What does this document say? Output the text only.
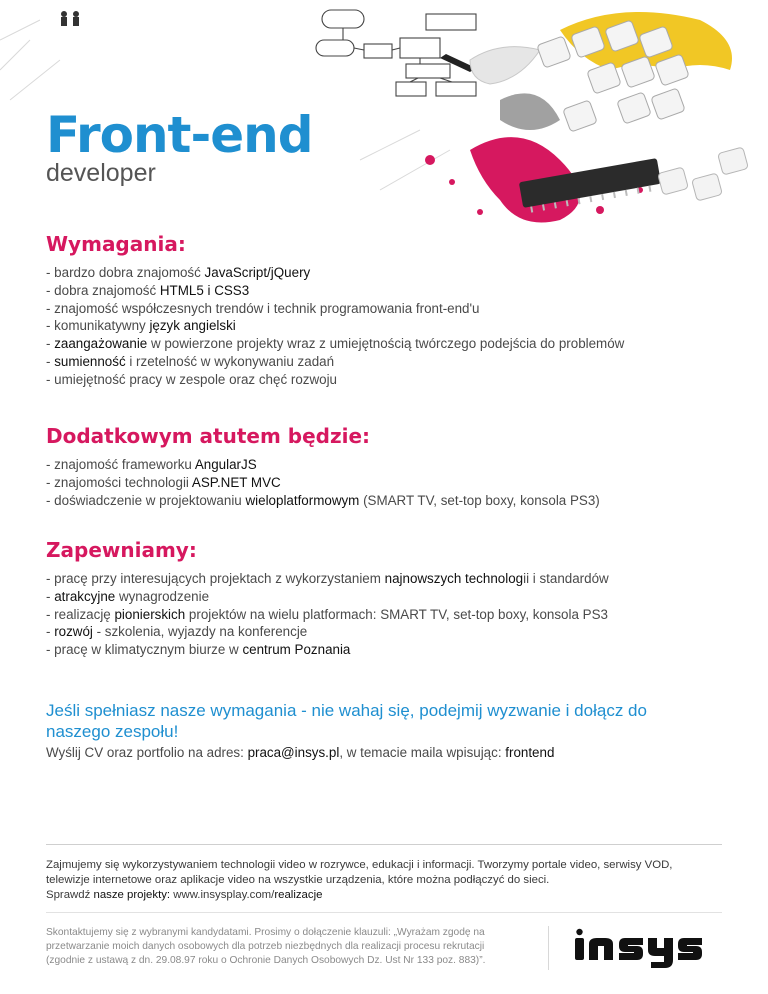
Front-end
developer
Wymagania:
- bardzo dobra znajomość JavaScript/jQuery
- dobra znajomość HTML5 i CSS3
- znajomość współczesnych trendów i technik programowania front-end'u
- komunikatywny język angielski
- zaangażowanie w powierzone projekty wraz z umiejętnością twórczego podejścia do problemów
- sumienność i rzetelność w wykonywaniu zadań
- umiejętność pracy w zespole oraz chęć rozwoju
Dodatkowym atutem będzie:
- znajomość frameworku AngularJS
- znajomości technologii ASP.NET MVC
- doświadczenie w projektowaniu wieloplatformowym (SMART TV, set-top boxy, konsola PS3)
Zapewniamy:
- pracę przy interesujących projektach z wykorzystaniem najnowszych technologii i standardów
- atrakcyjne wynagrodzenie
- realizację pionierskich projektów na wielu platformach: SMART TV, set-top boxy, konsola PS3
- rozwój - szkolenia, wyjazdy na konferencje
- pracę w klimatycznym biurze w centrum Poznania
Jeśli spełniasz nasze wymagania - nie wahaj się, podejmij wyzwanie i dołącz do
naszego zespołu!
Wyślij CV oraz portfolio na adres: praca@insys.pl, w temacie maila wpisując: frontend
Zajmujemy się wykorzystywaniem technologii video w rozrywce, edukacji i informacji. Tworzymy portale video, serwisy VOD,
telewizje internetowe oraz aplikacje video na wszystkie urządzenia, które można podłączyć do sieci.
Sprawdź nasze projekty: www.insysplay.com/realizacje
Skontaktujemy się z wybranymi kandydatami. Prosimy o dołączenie klauzuli: „Wyrażam zgodę na
przetwarzanie moich danych osobowych dla potrzeb niezbędnych dla realizacji procesu rekrutacji
(zgodnie z ustawą z dn. 29.08.97 roku o Ochronie Danych Osobowych Dz. Ust Nr 133 poz. 883)”.
